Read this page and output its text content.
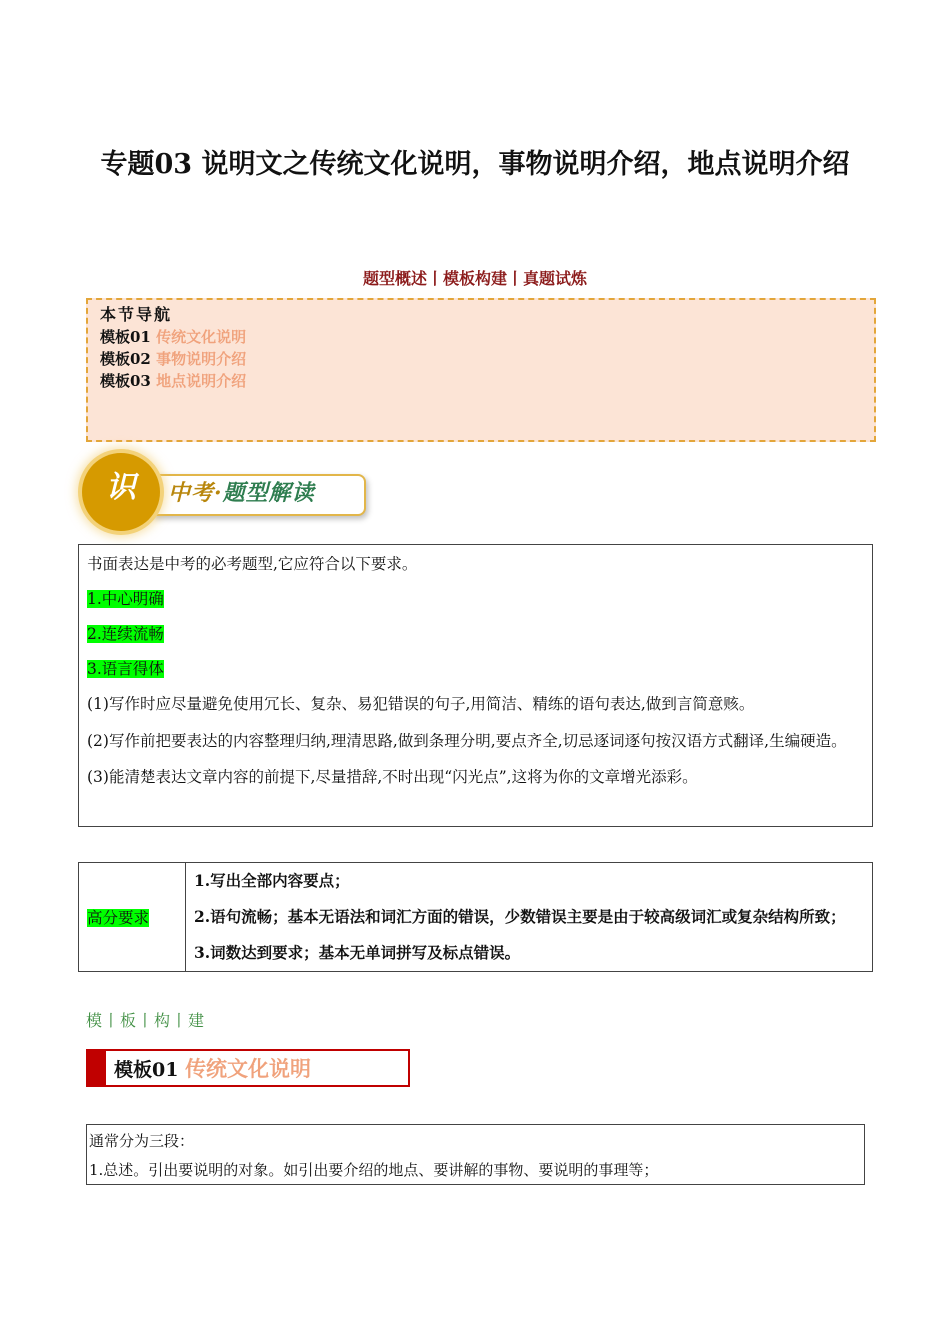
专题03 说明文之传统文化说明，事物说明介绍，地点说明介绍
题型概述丨模板构建丨真题试炼
本节导航
模板01 传统文化说明
模板02 事物说明介绍
模板03 地点说明介绍
识	中考·题型解读
书面表达是中考的必考题型,它应符合以下要求。
1.中心明确
2.连续流畅
3.语言得体
(1)写作时应尽量避免使用冗长、复杂、易犯错误的句子,用简洁、精练的语句表达,做到言简意赅。
(2)写作前把要表达的内容整理归纳,理清思路,做到条理分明,要点齐全,切忌逐词逐句按汉语方式翻译,生编硬造。
(3)能清楚表达文章内容的前提下,尽量措辞,不时出现“闪光点”,这将为你的文章增光添彩。
高分要求	
1.写出全部内容要点；
2.语句流畅；基本无语法和词汇方面的错误，少数错误主要是由于较高级词汇或复杂结构所致；
3.词数达到要求；基本无单词拼写及标点错误。
模丨板丨构丨建
模板01 传统文化说明
通常分为三段：
1.总述。引出要说明的对象。如引出要介绍的地点、要讲解的事物、要说明的事理等；
